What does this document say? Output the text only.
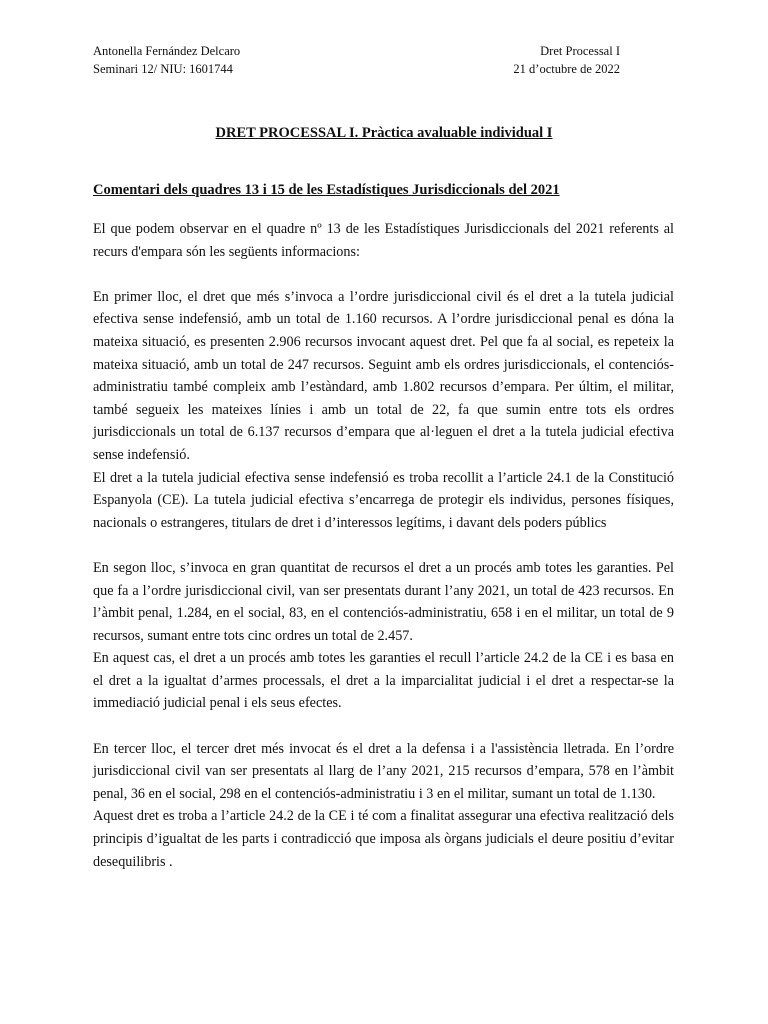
Antonella Fernández Delcaro	Dret Processal I
Seminari 12/ NIU: 1601744	21 d’octubre de 2022
DRET PROCESSAL I. Pràctica avaluable individual I
Comentari dels quadres 13 i 15 de les Estadístiques Jurisdiccionals del 2021

El que podem observar en el quadre nº 13 de les Estadístiques Jurisdiccionals del 2021 referents al recurs d'empara són les següents informacions:

En primer lloc, el dret que més s’invoca a l’ordre jurisdiccional civil és el dret a la tutela judicial efectiva sense indefensió, amb un total de 1.160 recursos. A l’ordre jurisdiccional penal es dóna la mateixa situació, es presenten 2.906 recursos invocant aquest dret. Pel que fa al social, es repeteix la mateixa situació, amb un total de 247 recursos. Seguint amb els ordres jurisdiccionals, el contenciós-administratiu també compleix amb l’estàndard, amb 1.802 recursos d’empara. Per últim, el militar, també segueix les mateixes línies i amb un total de 22, fa que sumin entre tots els ordres jurisdiccionals un total de 6.137 recursos d’empara que al·leguen el dret a la tutela judicial efectiva sense indefensió.

El dret a la tutela judicial efectiva sense indefensió es troba recollit a l’article 24.1 de la Constitució Espanyola (CE). La tutela judicial efectiva s’encarrega de protegir els individus, persones físiques, nacionals o estrangeres, titulars de dret i d’interessos legítims, i davant dels poders públics

En segon lloc, s’invoca en gran quantitat de recursos el dret a un procés amb totes les garanties. Pel que fa a l’ordre jurisdiccional civil, van ser presentats durant l’any 2021, un total de 423 recursos. En l’àmbit penal, 1.284, en el social, 83, en el contenciós-administratiu, 658 i en el militar, un total de 9 recursos, sumant entre tots cinc ordres un total de 2.457.

En aquest cas, el dret a un procés amb totes les garanties el recull l’article 24.2 de la CE i es basa en el dret a la igualtat d’armes processals, el dret a la imparcialitat judicial i el dret a respectar-se la immediació judicial penal i els seus efectes.

En tercer lloc, el tercer dret més invocat és el dret a la defensa i a l'assistència lletrada. En l’ordre jurisdiccional civil van ser presentats al llarg de l’any 2021, 215 recursos d’empara, 578 en l’àmbit penal, 36 en el social, 298 en el contenciós-administratiu i 3 en el militar, sumant un total de 1.130.

Aquest dret es troba a l’article 24.2 de la CE i té com a finalitat assegurar una efectiva realització dels principis d’igualtat de les parts i contradicció que imposa als òrgans judicials el deure positiu d’evitar desequilibris .
